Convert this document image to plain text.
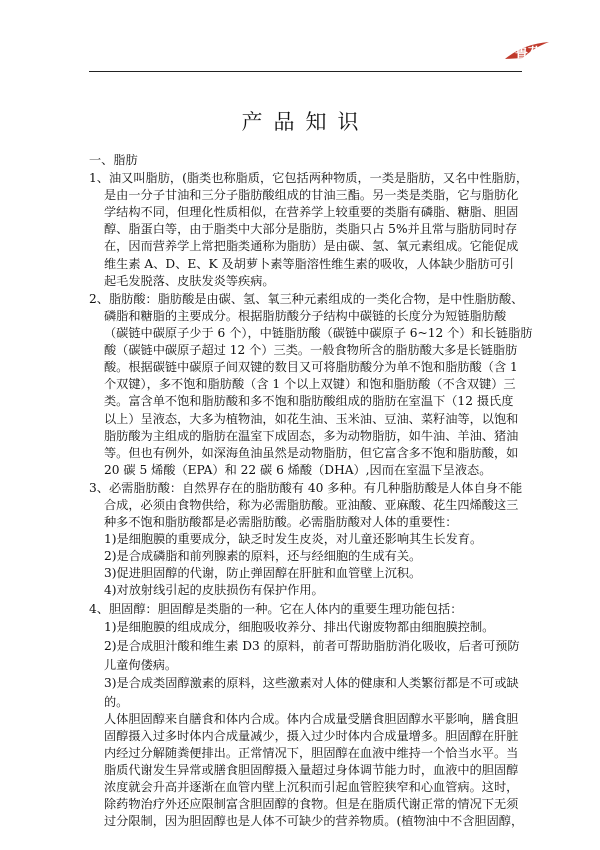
鲁花
产品知识
一、脂肪
1、油又叫脂肪，(脂类也称脂质，它包括两种物质，一类是脂肪，又名中性脂肪，
是由一分子甘油和三分子脂肪酸组成的甘油三酯。另一类是类脂，它与脂肪化
学结构不同，但理化性质相似，在营养学上较重要的类脂有磷脂、糖脂、胆固
醇、脂蛋白等，由于脂类中大部分是脂肪，类脂只占 5%并且常与脂肪同时存
在，因而营养学上常把脂类通称为脂肪）是由碳、氢、氧元素组成。它能促成
维生素 A、D、E、K 及胡萝卜素等脂溶性维生素的吸收，人体缺少脂肪可引
起毛发脱落、皮肤发炎等疾病。
2、脂肪酸：脂肪酸是由碳、氢、氧三种元素组成的一类化合物，是中性脂肪酸、
磷脂和糖脂的主要成分。根据脂肪酸分子结构中碳链的长度分为短链脂肪酸
（碳链中碳原子少于 6 个），中链脂肪酸（碳链中碳原子 6~12 个）和长链脂肪
酸（碳链中碳原子超过 12 个）三类。一般食物所含的脂肪酸大多是长链脂肪
酸。根据碳链中碳原子间双键的数目又可将脂肪酸分为单不饱和脂肪酸（含 1
个双键），多不饱和脂肪酸（含 1 个以上双键）和饱和脂肪酸（不含双键）三
类。富含单不饱和脂肪酸和多不饱和脂肪酸组成的脂肪在室温下（12 摄氏度
以上）呈液态，大多为植物油，如花生油、玉米油、豆油、菜籽油等，以饱和
脂肪酸为主组成的脂肪在温室下成固态，多为动物脂肪，如牛油、羊油、猪油
等。但也有例外，如深海鱼油虽然是动物脂肪，但它富含多不饱和脂肪酸，如
20 碳 5 烯酸（EPA）和 22 碳 6 烯酸（DHA）,因而在室温下呈液态。
3、必需脂肪酸：自然界存在的脂肪酸有 40 多种。有几种脂肪酸是人体自身不能
合成，必须由食物供给，称为必需脂肪酸。亚油酸、亚麻酸、花生四烯酸这三
种多不饱和脂肪酸都是必需脂肪酸。必需脂肪酸对人体的重要性：
1)是细胞膜的重要成分，缺乏时发生皮炎，对儿童还影响其生长发育。
2)是合成磷脂和前列腺素的原料，还与经细胞的生成有关。
3)促进胆固醇的代谢，防止弹固醇在肝脏和血管壁上沉积。
4)对放射线引起的皮肤损伤有保护作用。
4、胆固醇：胆固醇是类脂的一种。它在人体内的重要生理功能包括：
1)是细胞膜的组成成分，细胞吸收养分、排出代谢废物都由细胞膜控制。
2)是合成胆汁酸和维生素 D3 的原料，前者可帮助脂肪消化吸收，后者可预防
儿童佝偻病。
3)是合成类固醇激素的原料，这些激素对人体的健康和人类繁衍都是不可或缺
的。
人体胆固醇来自膳食和体内合成。体内合成量受膳食胆固醇水平影响，膳食胆
固醇摄入过多时体内合成量减少，摄入过少时体内合成量增多。胆固醇在肝脏
内经过分解随粪便排出。正常情况下，胆固醇在血液中维持一个恰当水平。当
脂质代谢发生异常或膳食胆固醇摄入量超过身体调节能力时，血液中的胆固醇
浓度就会升高并逐渐在血管内壁上沉积而引起血管腔狭窄和心血管病。这时，
除药物治疗外还应限制富含胆固醇的食物。但是在脂质代谢正常的情况下无须
过分限制，因为胆固醇也是人体不可缺少的营养物质。(植物油中不含胆固醇，
